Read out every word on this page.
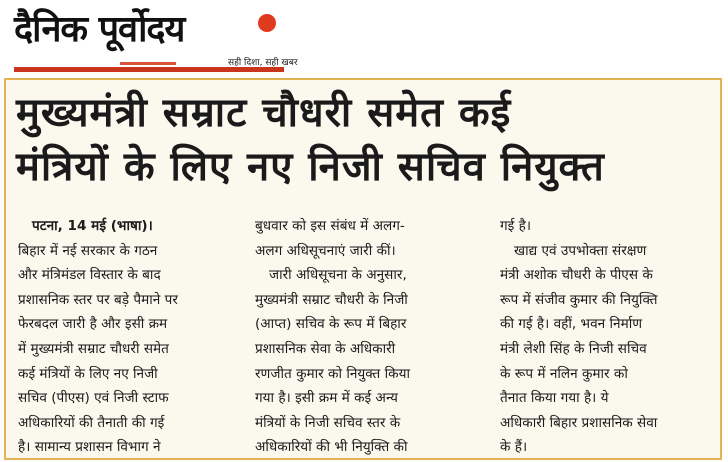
दैनिक पूर्वोदय
सही दिशा, सही खबर
मुख्यमंत्री सम्राट चौधरी समेत कई
मंत्रियों के लिए नए निजी सचिव नियुक्त
पटना, 14 मई (भाषा)।
बिहार में नई सरकार के गठन
और मंत्रिमंडल विस्तार के बाद
प्रशासनिक स्तर पर बड़े पैमाने पर
फेरबदल जारी है और इसी क्रम
में मुख्यमंत्री सम्राट चौधरी समेत
कई मंत्रियों के लिए नए निजी
सचिव (पीएस) एवं निजी स्टाफ
अधिकारियों की तैनाती की गई
है। सामान्य प्रशासन विभाग ने
बुधवार को इस संबंध में अलग-
अलग अधिसूचनाएं जारी कीं।
जारी अधिसूचना के अनुसार,
मुख्यमंत्री सम्राट चौधरी के निजी
(आप्त) सचिव के रूप में बिहार
प्रशासनिक सेवा के अधिकारी
रणजीत कुमार को नियुक्त किया
गया है। इसी क्रम में कई अन्य
मंत्रियों के निजी सचिव स्तर के
अधिकारियों की भी नियुक्ति की
गई है।
खाद्य एवं उपभोक्ता संरक्षण
मंत्री अशोक चौधरी के पीएस के
रूप में संजीव कुमार की नियुक्ति
की गई है। वहीं, भवन निर्माण
मंत्री लेशी सिंह के निजी सचिव
के रूप में नलिन कुमार को
तैनात किया गया है। ये
अधिकारी बिहार प्रशासनिक सेवा
के हैं।
